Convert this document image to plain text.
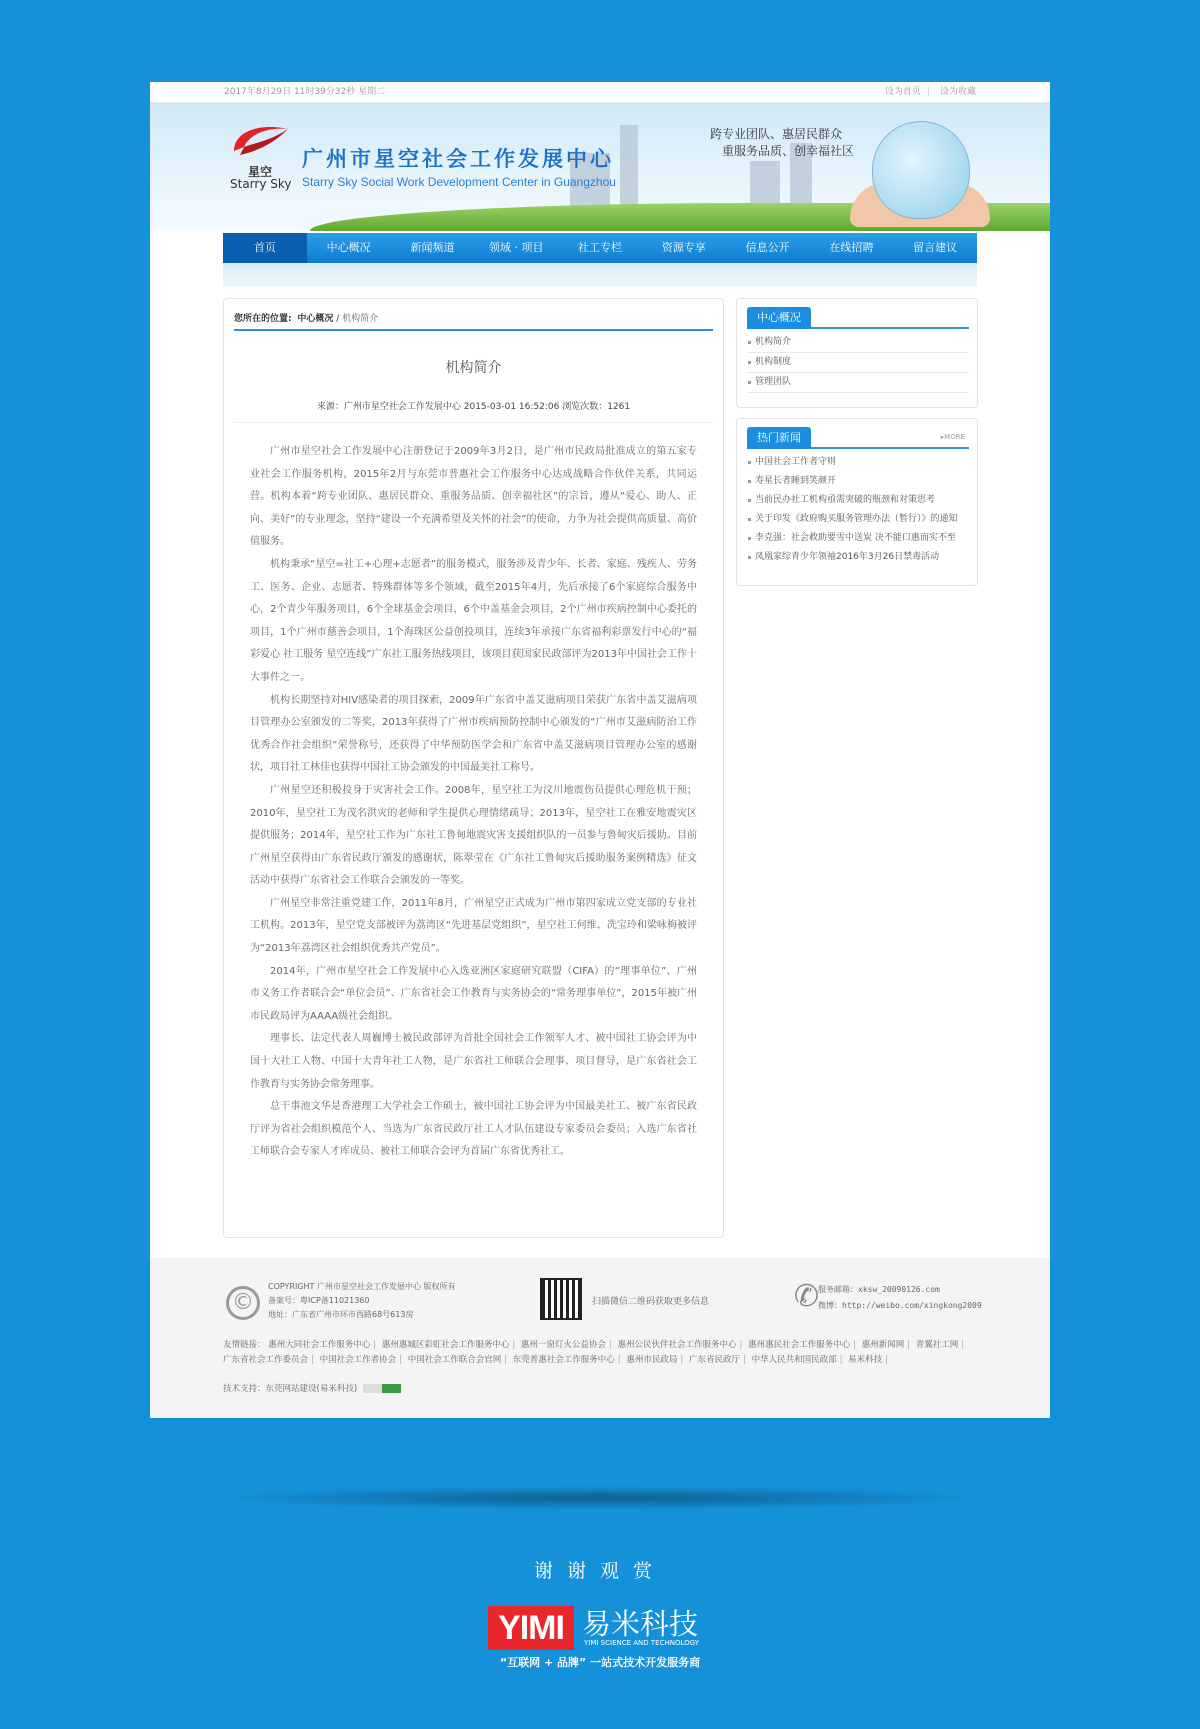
2017年8月29日 11时39分32秒 星期二	设为首页 | 设为收藏
星空
Starry Sky
广州市星空社会工作发展中心
Starry Sky Social Work Development Center in Guangzhou
跨专业团队、惠居民群众
重服务品质、创幸福社区
首页	中心概况	新闻频道	领域 · 项目	社工专栏	资源专享	信息公开	在线招聘	留言建议
您所在的位置: 中心概况 / 机构简介
机构简介
来源：广州市星空社会工作发展中心 2015-03-01 16:52:06 浏览次数：1261

广州市星空社会工作发展中心注册登记于2009年3月2日，是广州市民政局批准成立的第五家专业社会工作服务机构，2015年2月与东莞市普惠社会工作服务中心达成战略合作伙伴关系，共同运营。机构本着“跨专业团队、惠居民群众、重服务品质、创幸福社区”的宗旨，遵从“爱心、助人、正向、美好”的专业理念，坚持“建设一个充满希望及关怀的社会”的使命，力争为社会提供高质量、高价值服务。

机构秉承“星空=社工+心理+志愿者”的服务模式，服务涉及青少年、长者、家庭、残疾人、劳务工、医务、企业、志愿者、特殊群体等多个领域，截至2015年4月，先后承接了6个家庭综合服务中心，2个青少年服务项目，6个全球基金会项目，6个中盖基金会项目，2个广州市疾病控制中心委托的项目，1个广州市慈善会项目，1个海珠区公益创投项目，连续3年承接广东省福利彩票发行中心的“福彩爱心 社工服务 星空连线”广东社工服务热线项目，该项目获国家民政部评为2013年中国社会工作十大事件之一。

机构长期坚持对HIV感染者的项目探索，2009年广东省中盖艾滋病项目荣获广东省中盖艾滋病项目管理办公室颁发的二等奖，2013年获得了广州市疾病预防控制中心颁发的“广州市艾滋病防治工作优秀合作社会组织”荣誉称号，还获得了中华预防医学会和广东省中盖艾滋病项目管理办公室的感谢状，项目社工林佳也获得中国社工协会颁发的中国最美社工称号。

广州星空还积极投身于灾害社会工作。2008年，星空社工为汶川地震伤员提供心理危机干预；2010年，星空社工为茂名洪灾的老师和学生提供心理情绪疏导；2013年，星空社工在雅安地震灾区提供服务；2014年，星空社工作为广东社工鲁甸地震灾害支援组织队的一员参与鲁甸灾后援助。目前广州星空获得由广东省民政厅颁发的感谢状，陈翠莹在《广东社工鲁甸灾后援助服务案例精选》征文活动中获得广东省社会工作联合会颁发的一等奖。

广州星空非常注重党建工作，2011年8月，广州星空正式成为广州市第四家成立党支部的专业社工机构。2013年，星空党支部被评为荔湾区“先进基层党组织”，星空社工何维、冼宝玲和梁咏梅被评为“2013年荔湾区社会组织优秀共产党员”。

2014年，广州市星空社会工作发展中心入选亚洲区家庭研究联盟（CIFA）的“理事单位”、广州市义务工作者联合会“单位会员”、广东省社会工作教育与实务协会的“常务理事单位”，2015年被广州市民政局评为AAAA级社会组织。

理事长、法定代表人周巍博士被民政部评为首批全国社会工作领军人才、被中国社工协会评为中国十大社工人物、中国十大青年社工人物，是广东省社工师联合会理事、项目督导，是广东省社会工作教育与实务协会常务理事。

总干事池文华是香港理工大学社会工作硕士，被中国社工协会评为中国最美社工、被广东省民政厅评为省社会组织模范个人、当选为广东省民政厅社工人才队伍建设专家委员会委员；入选广东省社工师联合会专家人才库成员、被社工师联合会评为首届广东省优秀社工。

中心概况
机构简介
机构制度
管理团队
热门新闻	▸MORE
中国社会工作者守则
寿星长者睡到笑颜开
当前民办社工机构亟需突破的瓶颈和对策思考
关于印发《政府购买服务管理办法（暂行）》的通知
李克强：社会救助要雪中送炭 决不能口惠而实不至
凤凰家综青少年领袖2016年3月26日禁毒活动
©
COPYRIGHT 广州市星空社会工作发展中心 版权所有
备案号：粤ICP备11021360
地址：广东省广州市环市西路68号613房
扫描微信二维码获取更多信息	✆
服务邮箱：xksw_20090126.com
微博：http://weibo.com/xingkong2009
友情链接： 惠州大同社会工作服务中心 | 惠州惠城区彩虹社会工作服务中心 | 惠州一窗灯火公益协会 | 惠州公民伙伴社会工作服务中心 | 惠州惠民社会工作服务中心 | 惠州新闻网 | 青翼社工网 | 广东省社会工作委员会 | 中国社会工作者协会 | 中国社会工作联合会官网 | 东莞普惠社会工作服务中心 | 惠州市民政局 | 广东省民政厅 | 中华人民共和国民政部 | 易米科技 |
技术支持：东莞网站建设(易米科技)
谢谢观赏
YIMI 易米科技
YIMI SCIENCE AND TECHNOLOGY
“互联网 + 品牌” 一站式技术开发服务商
